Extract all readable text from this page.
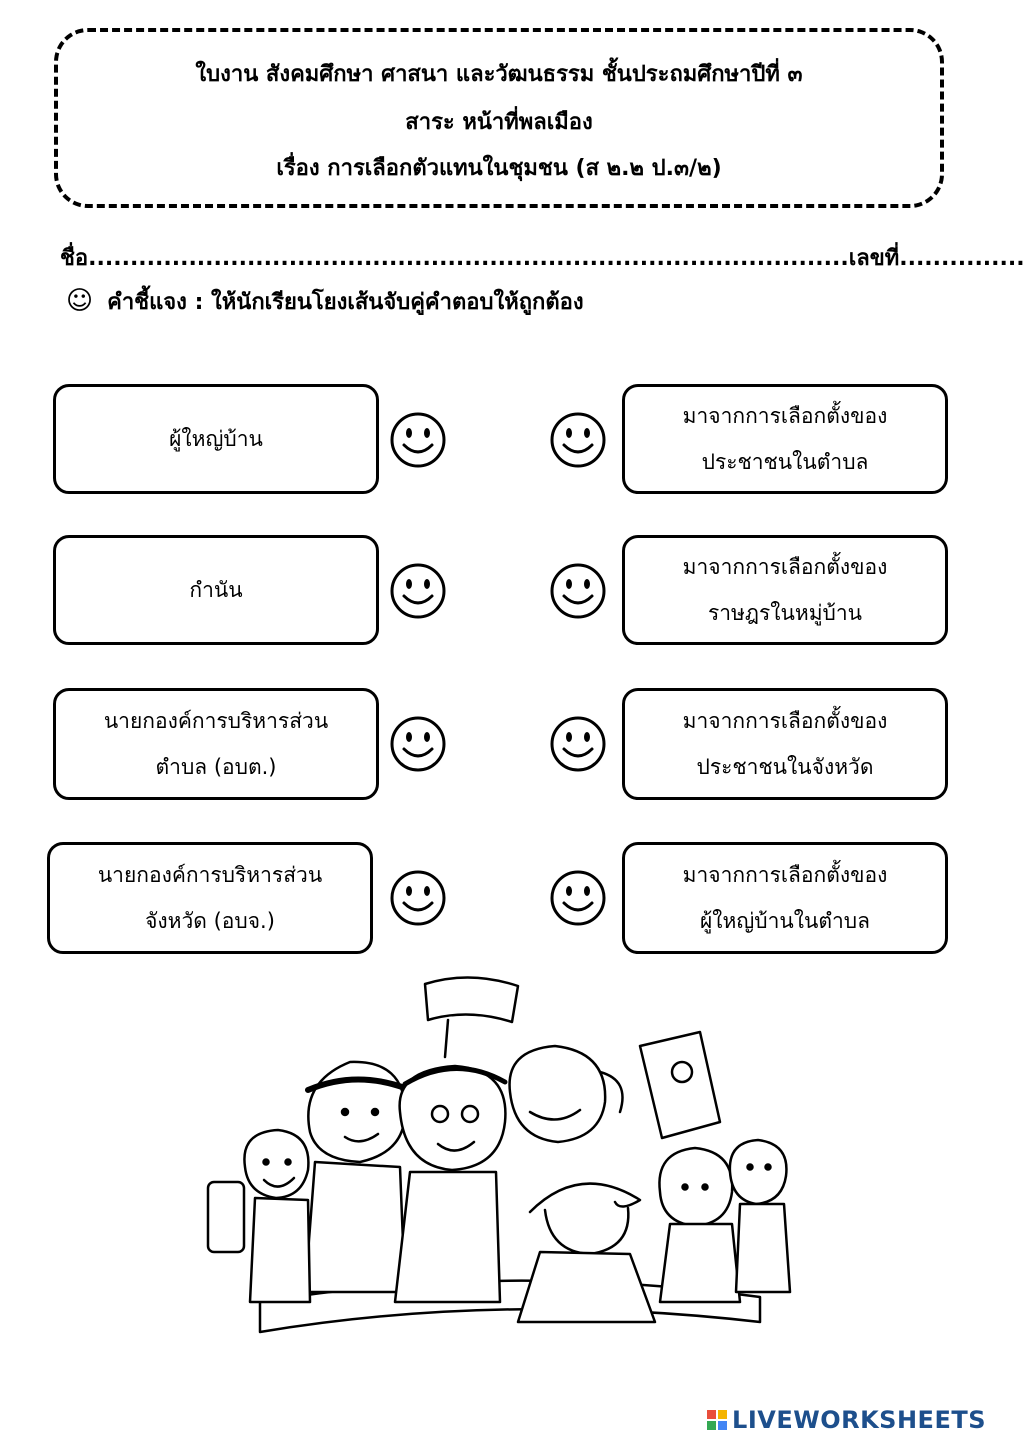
ใบงาน สังคมศึกษา ศาสนา และวัฒนธรรม ชั้นประถมศึกษาปีที่ ๓
สาระ หน้าที่พลเมือง
เรื่อง การเลือกตัวแทนในชุมชน (ส ๒.๒ ป.๓/๒)
ชื่อ...........................................................................................เลขที่...............
☺ คำชี้แจง : ให้นักเรียนโยงเส้นจับคู่คำตอบให้ถูกต้อง
ผู้ใหญ่บ้าน
กำนัน
นายกองค์การบริหารส่วน
ตำบล (อบต.)
นายกองค์การบริหารส่วน
จังหวัด (อบจ.)
มาจากการเลือกตั้งของ
ประชาชนในตำบล
มาจากการเลือกตั้งของ
ราษฎรในหมู่บ้าน
มาจากการเลือกตั้งของ
ประชาชนในจังหวัด
มาจากการเลือกตั้งของ
ผู้ใหญ่บ้านในตำบล
LIVEWORKSHEETS
